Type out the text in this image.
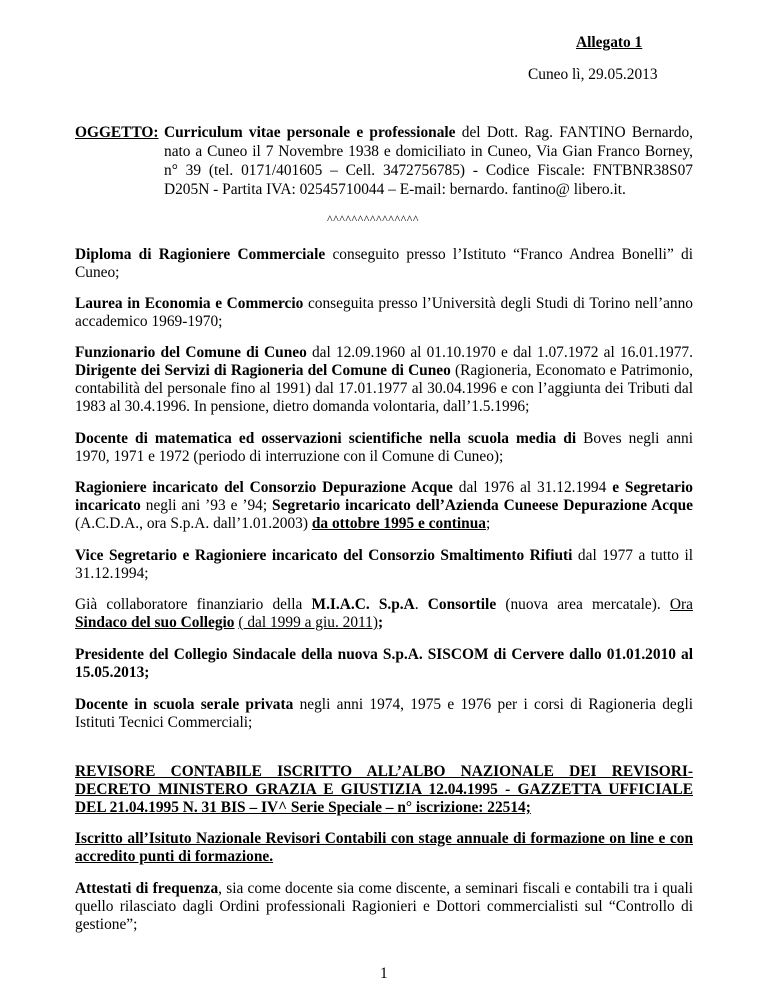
Allegato 1
Cuneo lì, 29.05.2013
OGGETTO: Curriculum vitae personale e professionale del Dott. Rag. FANTINO Bernardo,
nato a Cuneo il 7 Novembre 1938 e domiciliato in Cuneo, Via Gian Franco Borney,
n° 39 (tel. 0171/401605 – Cell. 3472756785) - Codice Fiscale: FNTBNR38S07
D205N - Partita IVA: 02545710044 – E-mail: bernardo. fantino@ libero.it.
^^^^^^^^^^^^^^^
Diploma di Ragioniere Commerciale conseguito presso l’Istituto “Franco Andrea Bonelli” di
Cuneo;
Laurea in Economia e Commercio conseguita presso l’Università degli Studi di Torino nell’anno
accademico 1969-1970;
Funzionario del Comune di Cuneo dal 12.09.1960 al 01.10.1970 e dal 1.07.1972 al 16.01.1977.
Dirigente dei Servizi di Ragioneria del Comune di Cuneo (Ragioneria, Economato e Patrimonio,
contabilità del personale fino al 1991) dal 17.01.1977 al 30.04.1996 e con l’aggiunta dei Tributi dal
1983 al 30.4.1996. In pensione, dietro domanda volontaria, dall’1.5.1996;
Docente di matematica ed osservazioni scientifiche nella scuola media di Boves negli anni
1970, 1971 e 1972 (periodo di interruzione con il Comune di Cuneo);
Ragioniere incaricato del Consorzio Depurazione Acque dal 1976 al 31.12.1994 e Segretario
incaricato negli ani ’93 e ’94; Segretario incaricato dell’Azienda Cuneese Depurazione Acque
(A.C.D.A., ora S.p.A. dall’1.01.2003) da ottobre 1995 e continua;
Vice Segretario e Ragioniere incaricato del Consorzio Smaltimento Rifiuti dal 1977 a tutto il
31.12.1994;
Già collaboratore finanziario della M.I.A.C. S.p.A. Consortile (nuova area mercatale). Ora
Sindaco del suo Collegio ( dal 1999 a giu. 2011);
Presidente del Collegio Sindacale della nuova S.p.A. SISCOM di Cervere dallo 01.01.2010 al
15.05.2013;
Docente in scuola serale privata negli anni 1974, 1975 e 1976 per i corsi di Ragioneria degli
Istituti Tecnici Commerciali;
REVISORE CONTABILE ISCRITTO ALL’ALBO NAZIONALE DEI REVISORI-
DECRETO MINISTERO GRAZIA E GIUSTIZIA 12.04.1995 - GAZZETTA UFFICIALE
DEL 21.04.1995 N. 31 BIS – IV^ Serie Speciale – n° iscrizione: 22514;
Iscritto all’Isituto Nazionale Revisori Contabili con stage annuale di formazione on line e con
accredito punti di formazione.
Attestati di frequenza, sia come docente sia come discente, a seminari fiscali e contabili tra i quali
quello rilasciato dagli Ordini professionali Ragionieri e Dottori commercialisti sul “Controllo di
gestione”;
1
